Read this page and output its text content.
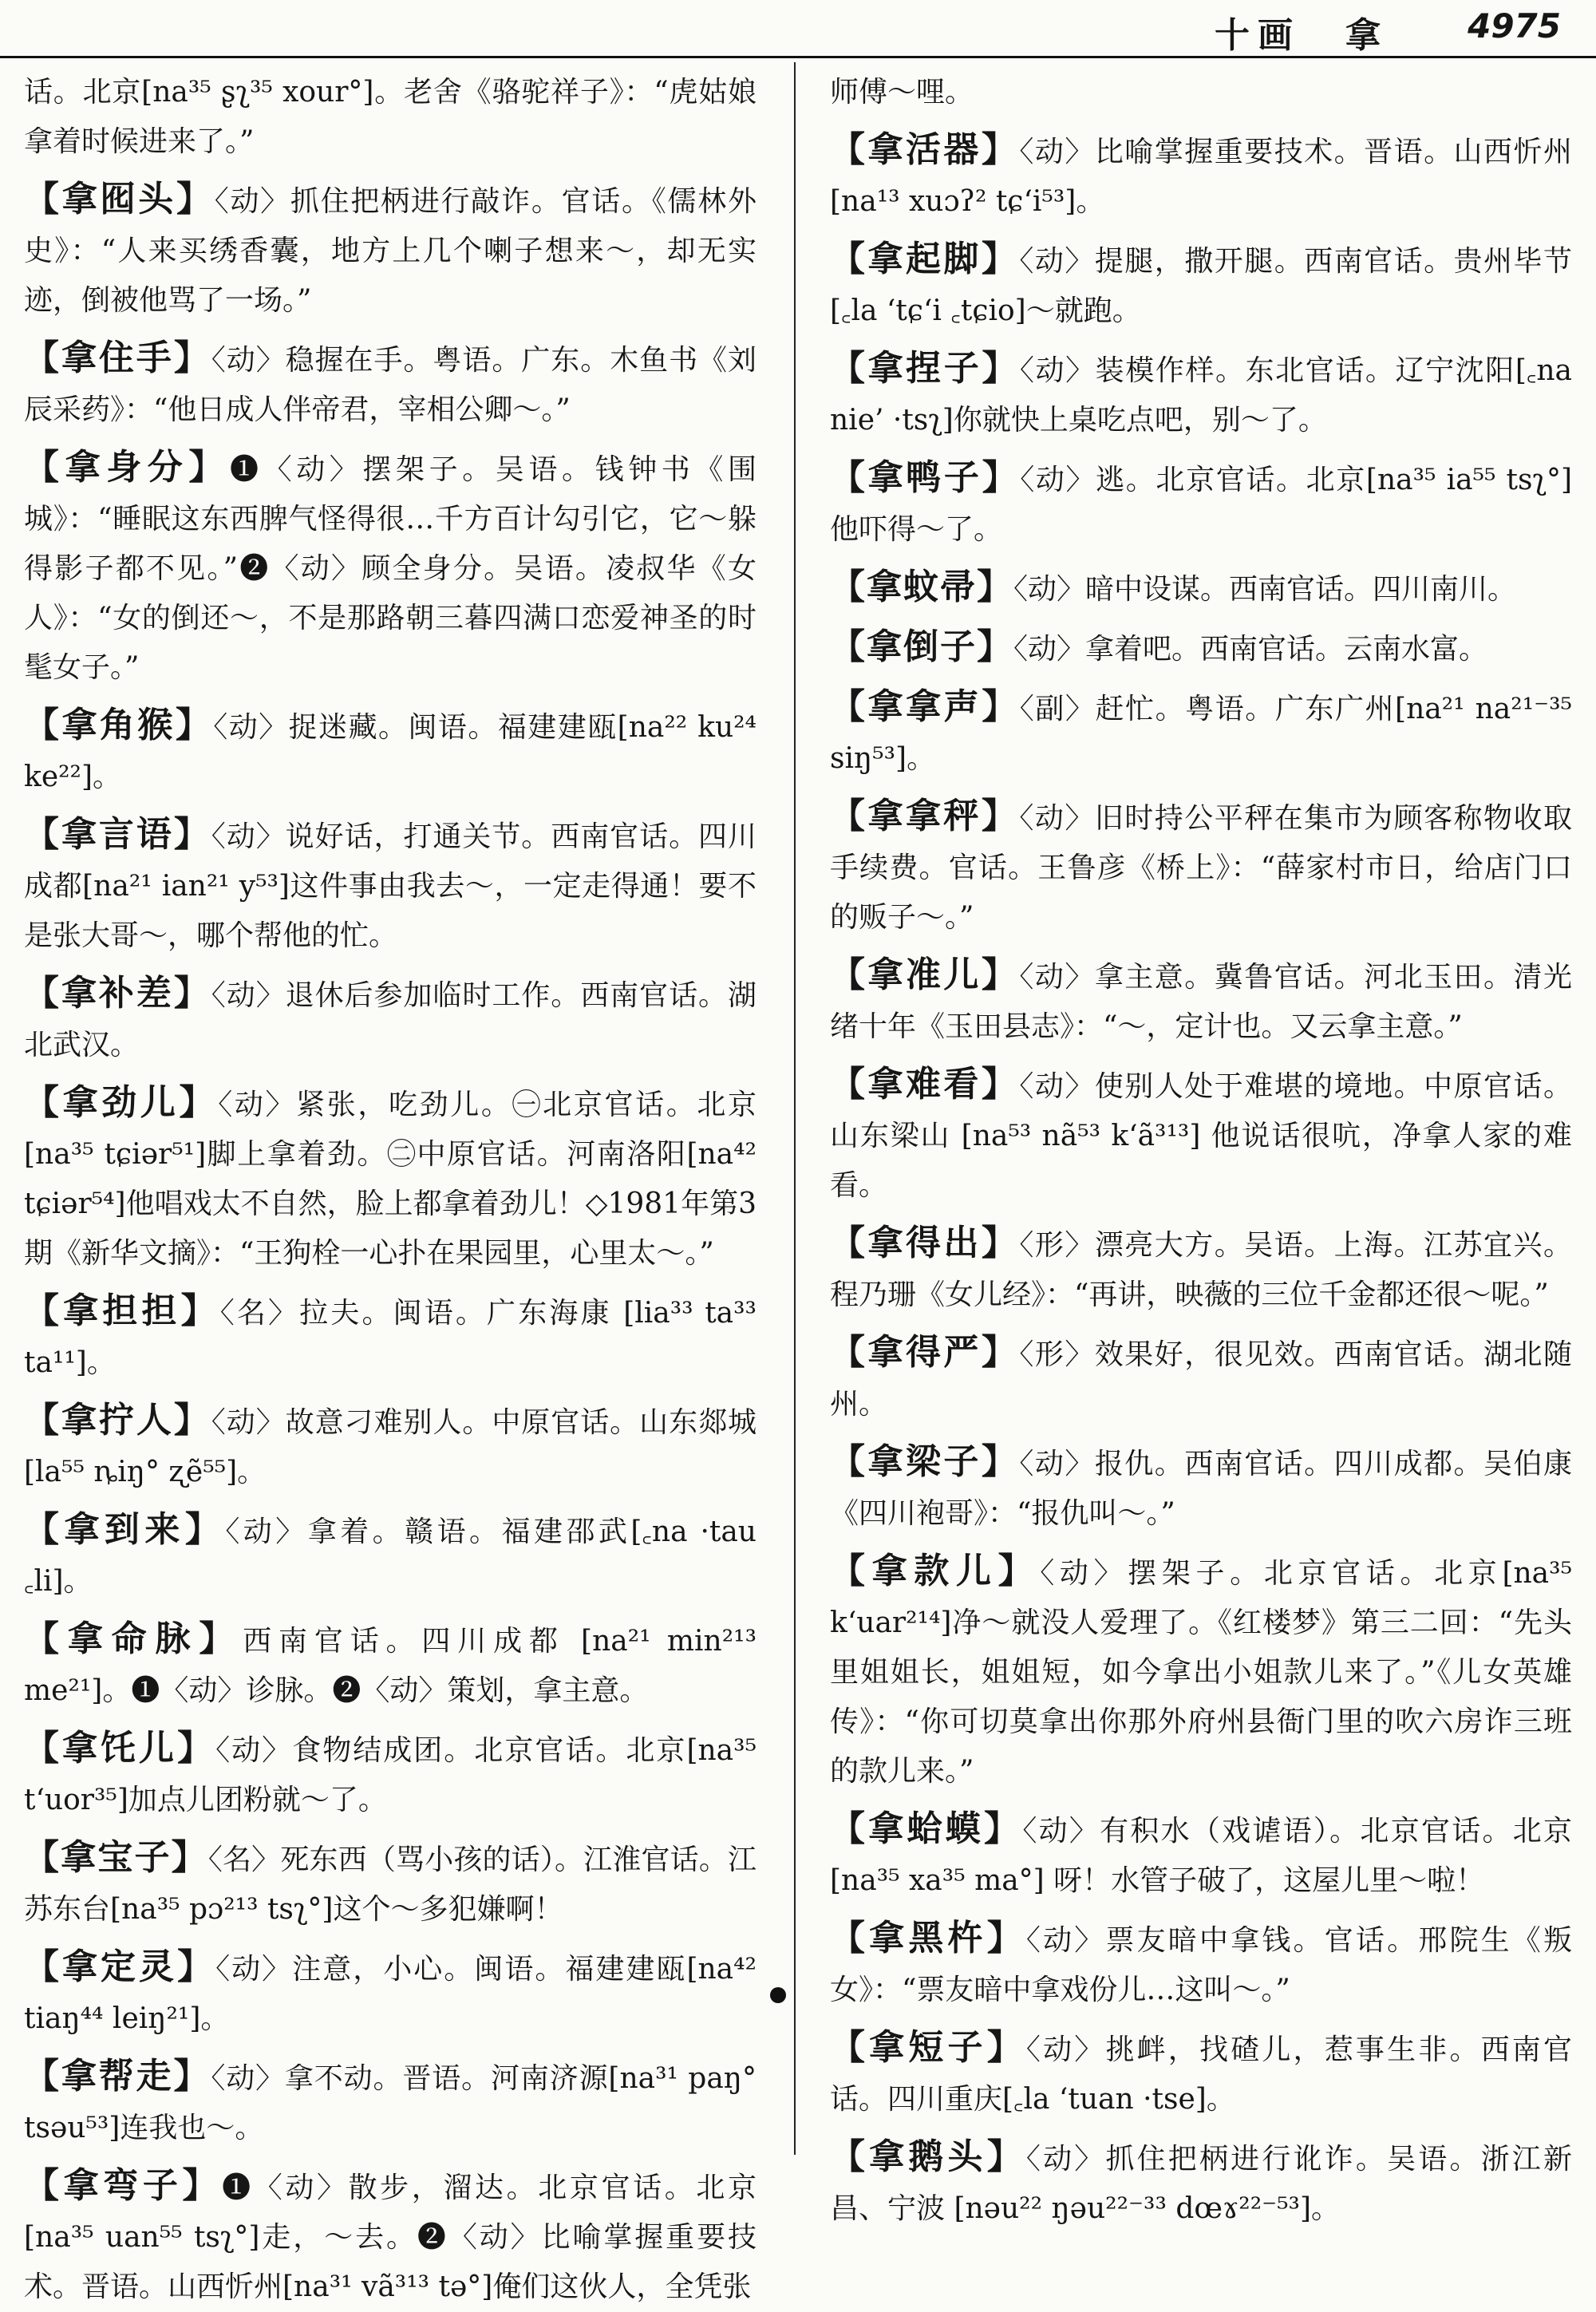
十画 拿	4975

话。北京[na³⁵ ʂʅ³⁵ xour°]。老舍《骆驼祥子》：“虎姑娘拿着时候进来了。”

【拿囮头】〈动〉抓住把柄进行敲诈。官话。《儒林外史》：“人来买绣香囊，地方上几个喇子想来～，却无实迹，倒被他骂了一场。”

【拿住手】〈动〉稳握在手。粤语。广东。木鱼书《刘辰采药》：“他日成人伴帝君，宰相公卿～。”

【拿身分】❶〈动〉摆架子。吴语。钱钟书《围城》：“睡眠这东西脾气怪得很…千方百计勾引它，它～躲得影子都不见。”❷〈动〉顾全身分。吴语。凌叔华《女人》：“女的倒还～，不是那路朝三暮四满口恋爱神圣的时髦女子。”

【拿角猴】〈动〉捉迷藏。闽语。福建建瓯[na²² ku²⁴ ke²²]。

【拿言语】〈动〉说好话，打通关节。西南官话。四川成都[na²¹ ian²¹ y⁵³]这件事由我去～，一定走得通！要不是张大哥～，哪个帮他的忙。

【拿补差】〈动〉退休后参加临时工作。西南官话。湖北武汉。

【拿劲儿】〈动〉紧张，吃劲儿。㊀北京官话。北京[na³⁵ tɕiər⁵¹]脚上拿着劲。㊁中原官话。河南洛阳[na⁴² tɕiər⁵⁴]他唱戏太不自然，脸上都拿着劲儿！◇1981年第3期《新华文摘》：“王狗栓一心扑在果园里，心里太～。”

【拿担担】〈名〉拉夫。闽语。广东海康 [lia³³ ta³³ ta¹¹]。

【拿拧人】〈动〉故意刁难别人。中原官话。山东郯城[la⁵⁵ ȵiŋ° ʐẽ⁵⁵]。

【拿到来】〈动〉拿着。赣语。福建邵武[꜀na ·tau ꜀li]。

【拿命脉】西南官话。四川成都 [na²¹ min²¹³ me²¹]。❶〈动〉诊脉。❷〈动〉策划，拿主意。

【拿饦儿】〈动〉食物结成团。北京官话。北京[na³⁵ t‘uor³⁵]加点儿团粉就～了。

【拿宝子】〈名〉死东西（骂小孩的话）。江淮官话。江苏东台[na³⁵ pɔ²¹³ tsʅ°]这个～多犯嫌啊！

【拿定灵】〈动〉注意，小心。闽语。福建建瓯[na⁴² tiaŋ⁴⁴ leiŋ²¹]。

【拿帮走】〈动〉拿不动。晋语。河南济源[na³¹ paŋ° tsəu⁵³]连我也～。

【拿弯子】❶〈动〉散步，溜达。北京官话。北京[na³⁵ uan⁵⁵ tsʅ°]走，～去。❷〈动〉比喻掌握重要技术。晋语。山西忻州[na³¹ vã³¹³ tə°]俺们这伙人，全凭张

师傅～哩。

【拿活器】〈动〉比喻掌握重要技术。晋语。山西忻州[na¹³ xuɔʔ² tɕ‘i⁵³]。

【拿起脚】〈动〉提腿，撒开腿。西南官话。贵州毕节[꜀la ‘tɕ‘i ꜀tɕio]～就跑。

【拿捏子】〈动〉装模作样。东北官话。辽宁沈阳[꜀na nie’ ·tsʅ]你就快上桌吃点吧，别～了。

【拿鸭子】〈动〉逃。北京官话。北京[na³⁵ ia⁵⁵ tsʅ°]他吓得～了。

【拿蚊帚】〈动〉暗中设谋。西南官话。四川南川。

【拿倒子】〈动〉拿着吧。西南官话。云南水富。

【拿拿声】〈副〉赶忙。粤语。广东广州[na²¹ na²¹⁻³⁵ siŋ⁵³]。

【拿拿秤】〈动〉旧时持公平秤在集市为顾客称物收取手续费。官话。王鲁彦《桥上》：“薛家村市日，给店门口的贩子～。”

【拿准儿】〈动〉拿主意。冀鲁官话。河北玉田。清光绪十年《玉田县志》：“～，定计也。又云拿主意。”

【拿难看】〈动〉使别人处于难堪的境地。中原官话。山东梁山 [na⁵³ nã⁵³ k‘ã³¹³] 他说话很吭，净拿人家的难看。

【拿得出】〈形〉漂亮大方。吴语。上海。江苏宜兴。程乃珊《女儿经》：“再讲，映薇的三位千金都还很～呢。”

【拿得严】〈形〉效果好，很见效。西南官话。湖北随州。

【拿梁子】〈动〉报仇。西南官话。四川成都。吴伯康《四川袍哥》：“报仇叫～。”

【拿款儿】〈动〉摆架子。北京官话。北京[na³⁵ k‘uar²¹⁴]净～就没人爱理了。《红楼梦》第三二回：“先头里姐姐长，姐姐短，如今拿出小姐款儿来了。”《儿女英雄传》：“你可切莫拿出你那外府州县衙门里的吹六房诈三班的款儿来。”

【拿蛤蟆】〈动〉有积水（戏谑语）。北京官话。北京[na³⁵ xa³⁵ ma°] 呀！水管子破了，这屋儿里～啦！

【拿黑杵】〈动〉票友暗中拿钱。官话。邢院生《叛女》：“票友暗中拿戏份儿…这叫～。”

【拿短子】〈动〉挑衅，找碴儿，惹事生非。西南官话。四川重庆[꜀la ‘tuan ·tse]。

【拿鹅头】〈动〉抓住把柄进行讹诈。吴语。浙江新昌、宁波 [nəu²² ŋəu²²⁻³³ dœɤ²²⁻⁵³]。
